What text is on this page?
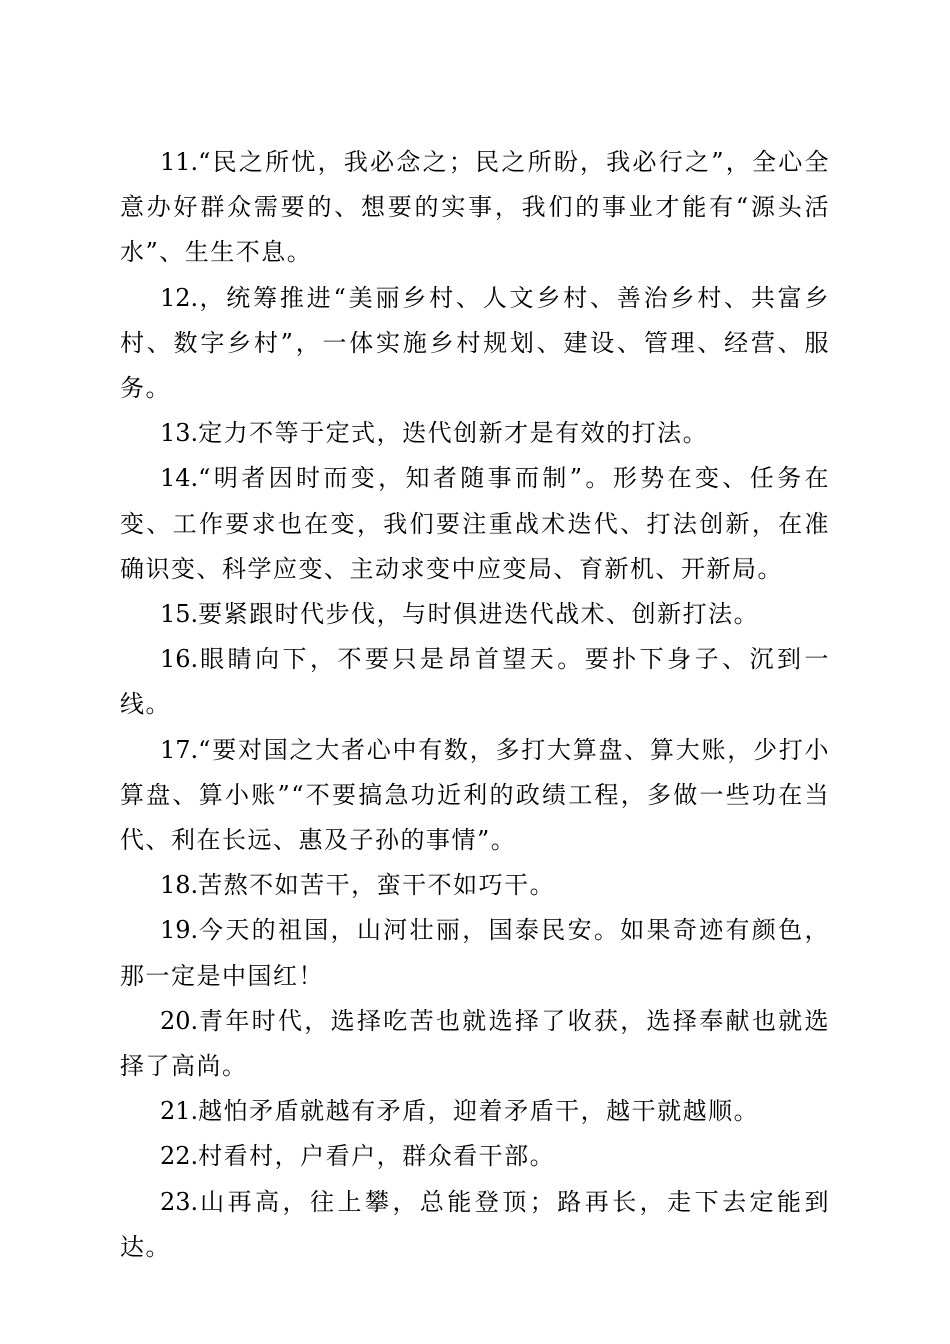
11.“民之所忧，我必念之；民之所盼，我必行之”，全心全意办好群众需要的、想要的实事，我们的事业才能有“源头活水”、生生不息。

12.，统筹推进“美丽乡村、人文乡村、善治乡村、共富乡村、数字乡村”，一体实施乡村规划、建设、管理、经营、服务。

13.定力不等于定式，迭代创新才是有效的打法。

14.“明者因时而变，知者随事而制”。形势在变、任务在变、工作要求也在变，我们要注重战术迭代、打法创新，在准确识变、科学应变、主动求变中应变局、育新机、开新局。

15.要紧跟时代步伐，与时俱进迭代战术、创新打法。

16.眼睛向下，不要只是昂首望天。要扑下身子、沉到一线。

17.“要对国之大者心中有数，多打大算盘、算大账，少打小算盘、算小账”“不要搞急功近利的政绩工程，多做一些功在当代、利在长远、惠及子孙的事情”。

18.苦熬不如苦干，蛮干不如巧干。

19.今天的祖国，山河壮丽，国泰民安。如果奇迹有颜色，那一定是中国红！

20.青年时代，选择吃苦也就选择了收获，选择奉献也就选择了高尚。

21.越怕矛盾就越有矛盾，迎着矛盾干，越干就越顺。

22.村看村，户看户，群众看干部。

23.山再高，往上攀，总能登顶；路再长，走下去定能到达。
